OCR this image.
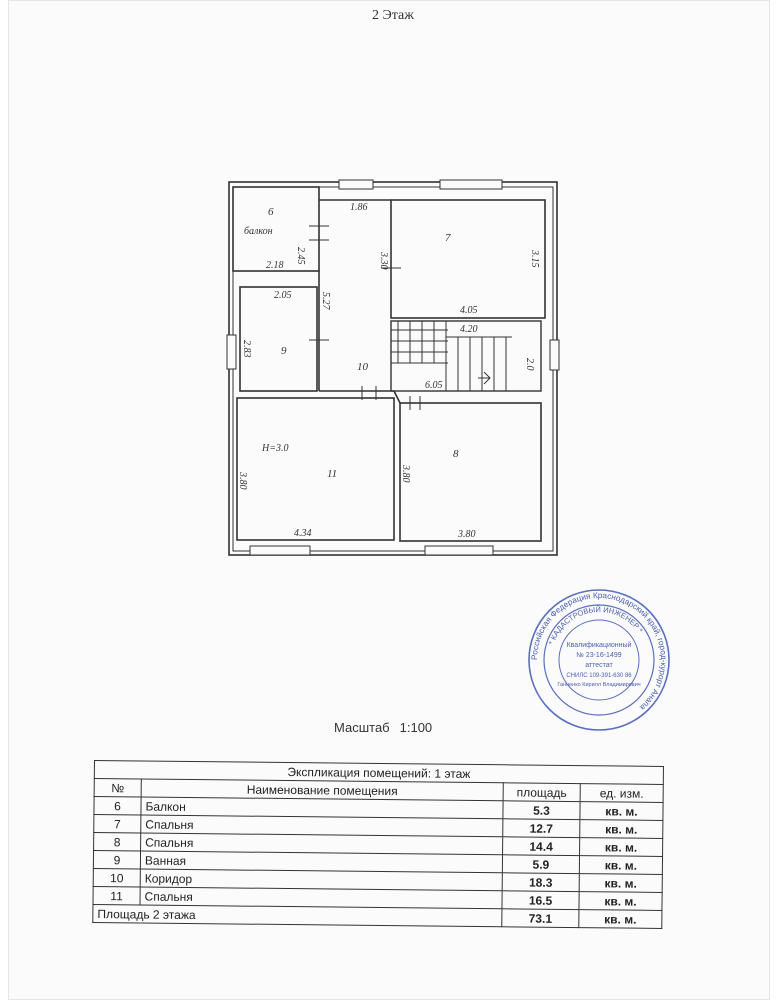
2 Этаж
6
балкон
7
8
9
10
11
H=3.0
1.86
2.45
2.18	3.30	3.15
4.05
2.05	5.27
4.20
2.83
2.0
6.05
3.80	3.80
4.34	3.80
Российская Федерация Краснодарский край, город-курорт Анапа
* КАДАСТРОВЫЙ ИНЖЕНЕР *
Квалификационный
№ 23-16-1499
аттестат
СНИЛС 109-391-630 86
Ганненко Кирилл Владимирович
Масштаб 1:100
Экспликация помещений: 1 этаж			
№	Наименование помещения	площадь	ед. изм.
6	Балкон	5.3	кв. м.
7	Спальня	12.7	кв. м.
8	Спальня	14.4	кв. м.
9	Ванная	5.9	кв. м.
10	Коридор	18.3	кв. м.
11	Спальня	16.5	кв. м.
Площадь 2 этажа		73.1	кв. м.
